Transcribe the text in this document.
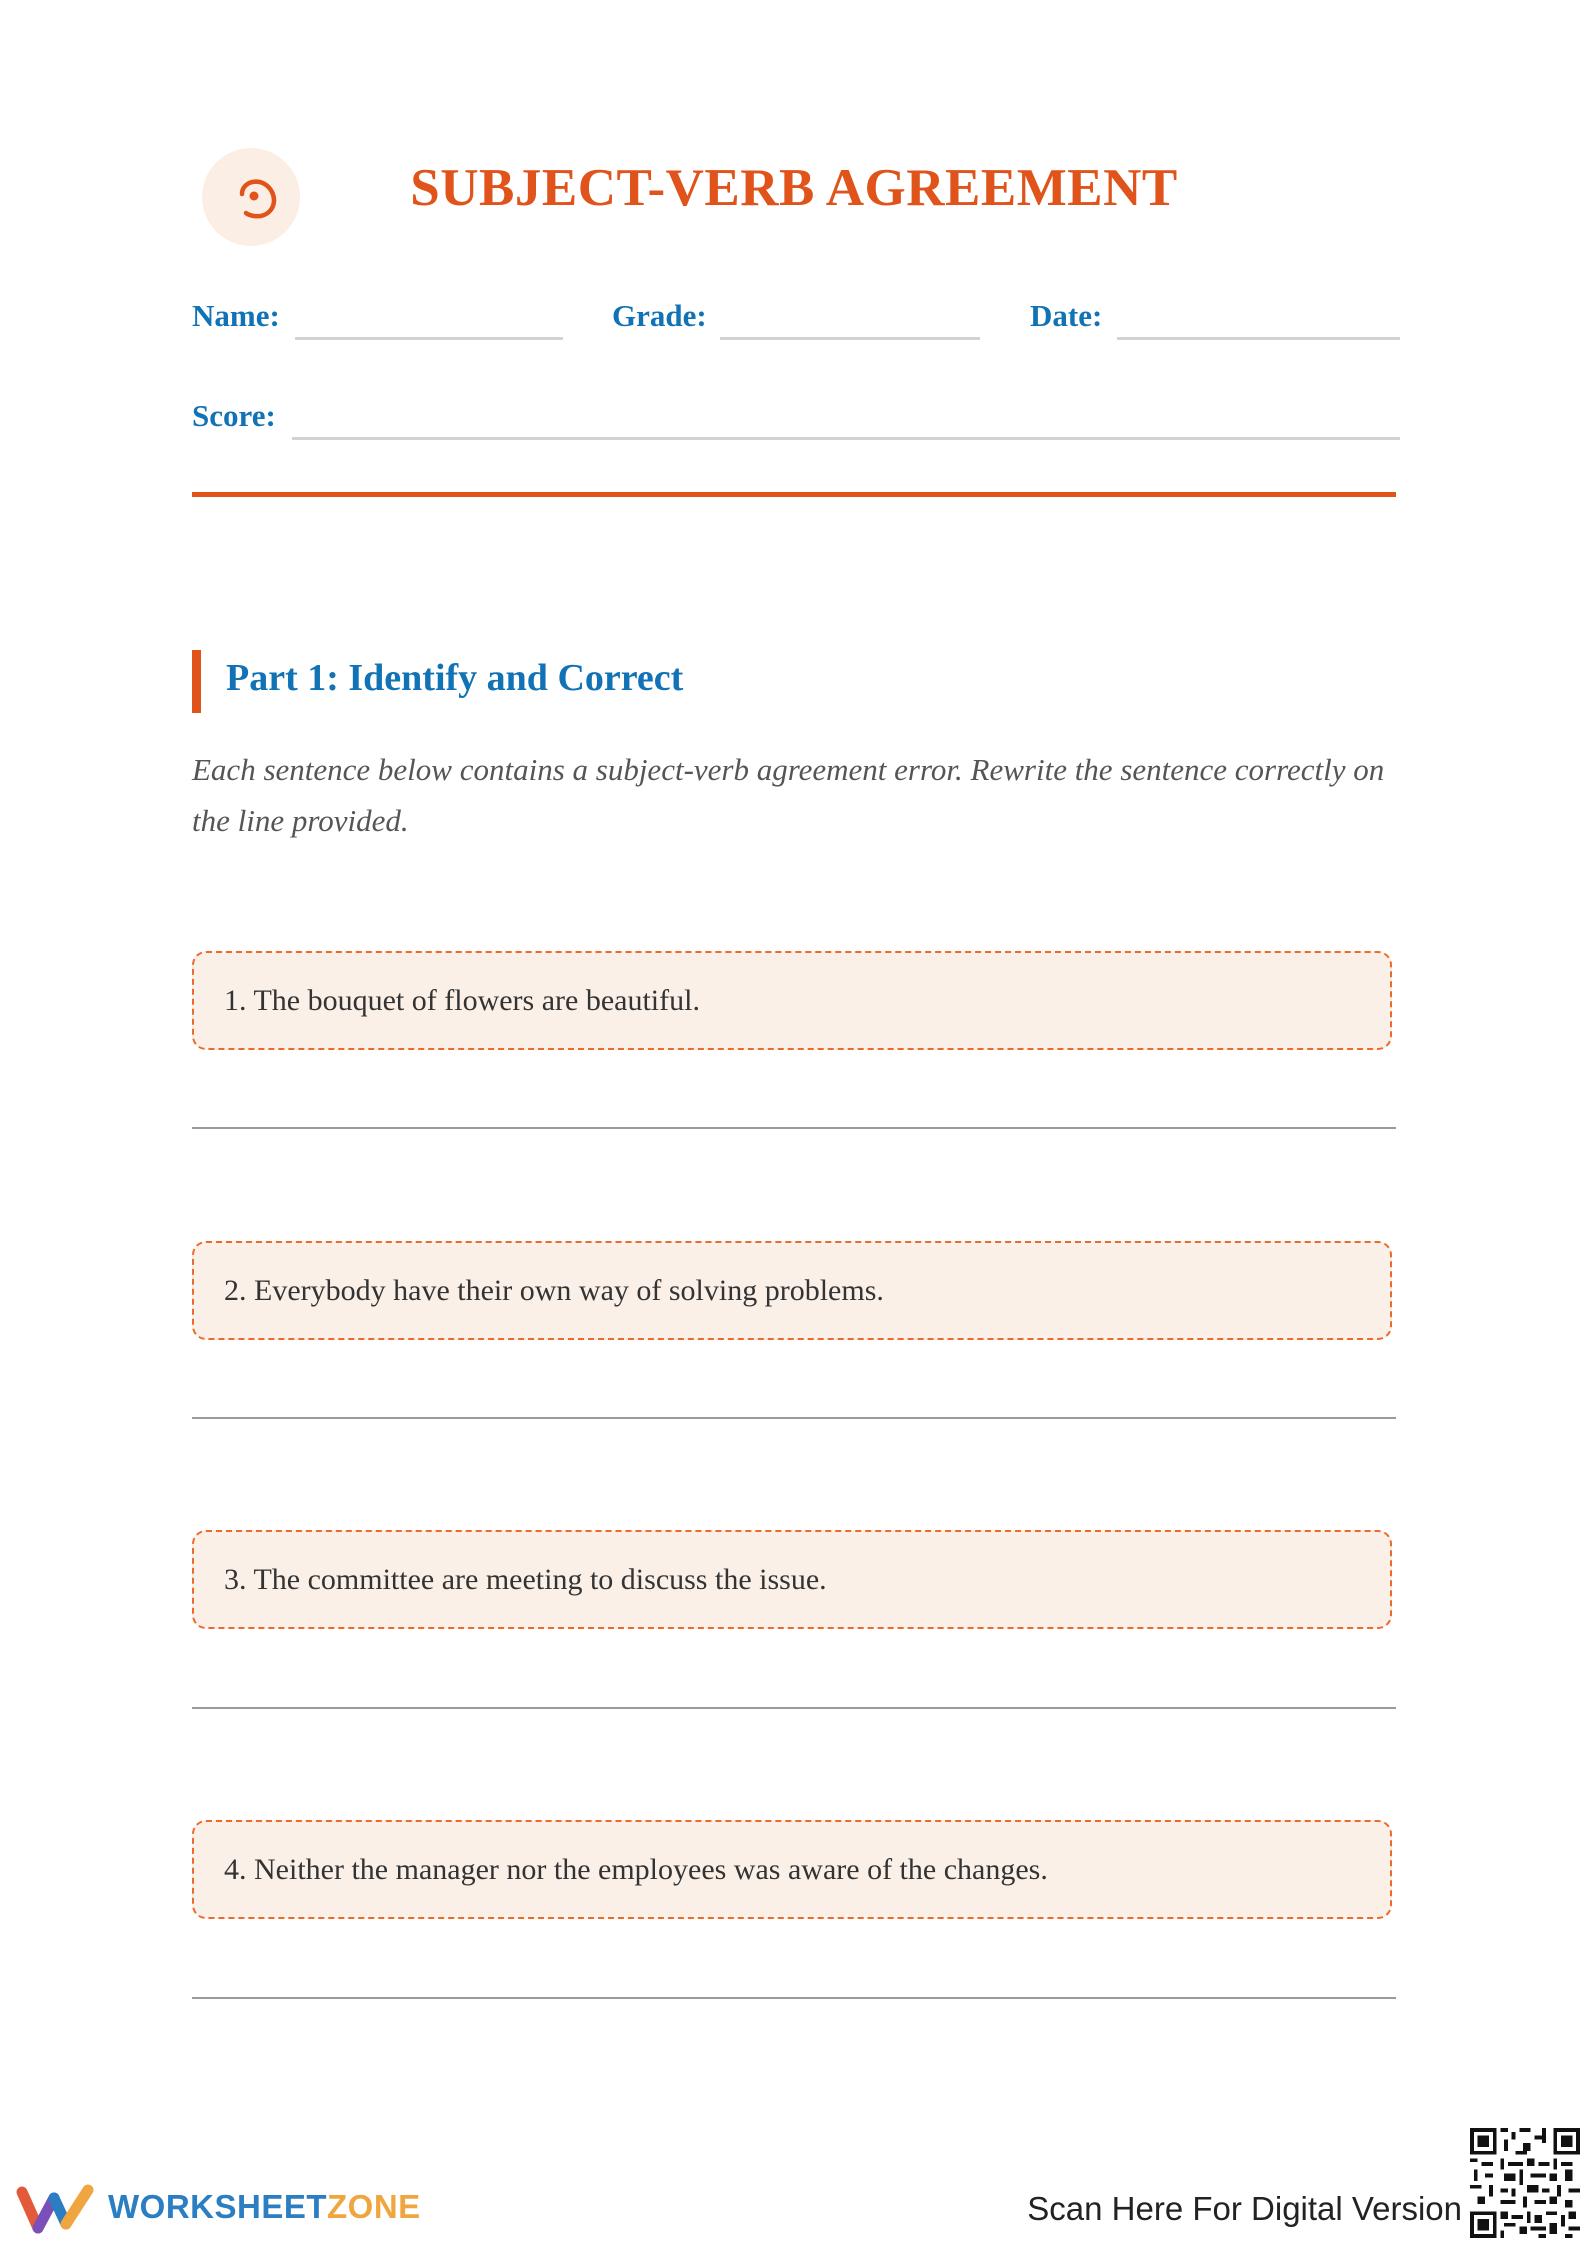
SUBJECT-VERB AGREEMENT
Name:	Grade:	Date:
Score:
Part 1: Identify and Correct
Each sentence below contains a subject-verb agreement error. Rewrite the sentence correctly on the line provided.
1. The bouquet of flowers are beautiful.
2. Everybody have their own way of solving problems.
3. The committee are meeting to discuss the issue.
4. Neither the manager nor the employees was aware of the changes.
WORKSHEETZONE	Scan Here For Digital Version
